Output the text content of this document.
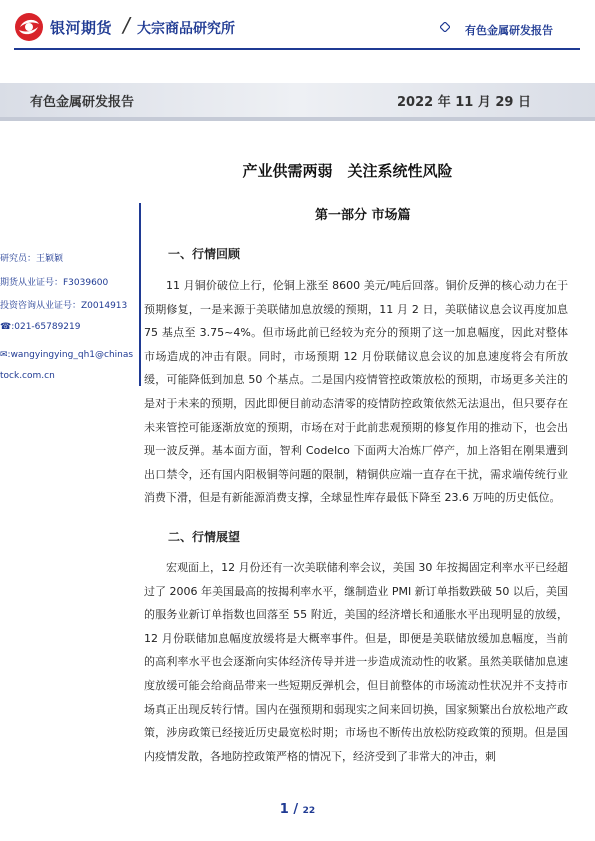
银河期货 / 大宗商品研究所	有色金属研发报告
有色金属研发报告	2022 年 11 月 29 日
产业供需两弱　关注系统性风险
第一部分 市场篇
研究员：王颖颖
期货从业证号：F3039600
投资咨询从业证号：Z0014913
☎:021-65789219
✉:wangyingying_qh1@chinastock.com.cn
一、行情回顾
11 月铜价破位上行，伦铜上涨至 8600 美元/吨后回落。铜价反弹的核心动力在于预期修复，一是来源于美联储加息放缓的预期，11 月 2 日，美联储议息会议再度加息 75 基点至 3.75~4%。但市场此前已经较为充分的预期了这一加息幅度，因此对整体市场造成的冲击有限。同时，市场预期 12 月份联储议息会议的加息速度将会有所放缓，可能降低到加息 50 个基点。二是国内疫情管控政策放松的预期，市场更多关注的是对于未来的预期，因此即便目前动态清零的疫情防控政策依然无法退出，但只要存在未来管控可能逐渐放宽的预期，市场在对于此前悲观预期的修复作用的推动下，也会出现一波反弹。基本面方面，智利 Codelco 下面两大冶炼厂停产，加上洛钼在刚果遭到出口禁令，还有国内阳极铜等问题的限制，精铜供应端一直存在干扰，需求端传统行业消费下滑，但是有新能源消费支撑，全球显性库存最低下降至 23.6 万吨的历史低位。
二、行情展望
宏观面上，12 月份还有一次美联储利率会议，美国 30 年按揭固定利率水平已经超过了 2006 年美国最高的按揭利率水平，继制造业 PMI 新订单指数跌破 50 以后，美国的服务业新订单指数也回落至 55 附近，美国的经济增长和通胀水平出现明显的放缓，12 月份联储加息幅度放缓将是大概率事件。但是，即便是美联储放缓加息幅度，当前的高利率水平也会逐渐向实体经济传导并进一步造成流动性的收紧。虽然美联储加息速度放缓可能会给商品带来一些短期反弹机会，但目前整体的市场流动性状况并不支持市场真正出现反转行情。国内在强预期和弱现实之间来回切换，国家频繁出台放松地产政策，涉房政策已经接近历史最宽松时期；市场也不断传出放松防疫政策的预期。但是国内疫情发散，各地防控政策严格的情况下，经济受到了非常大的冲击，刺
1 / 22
